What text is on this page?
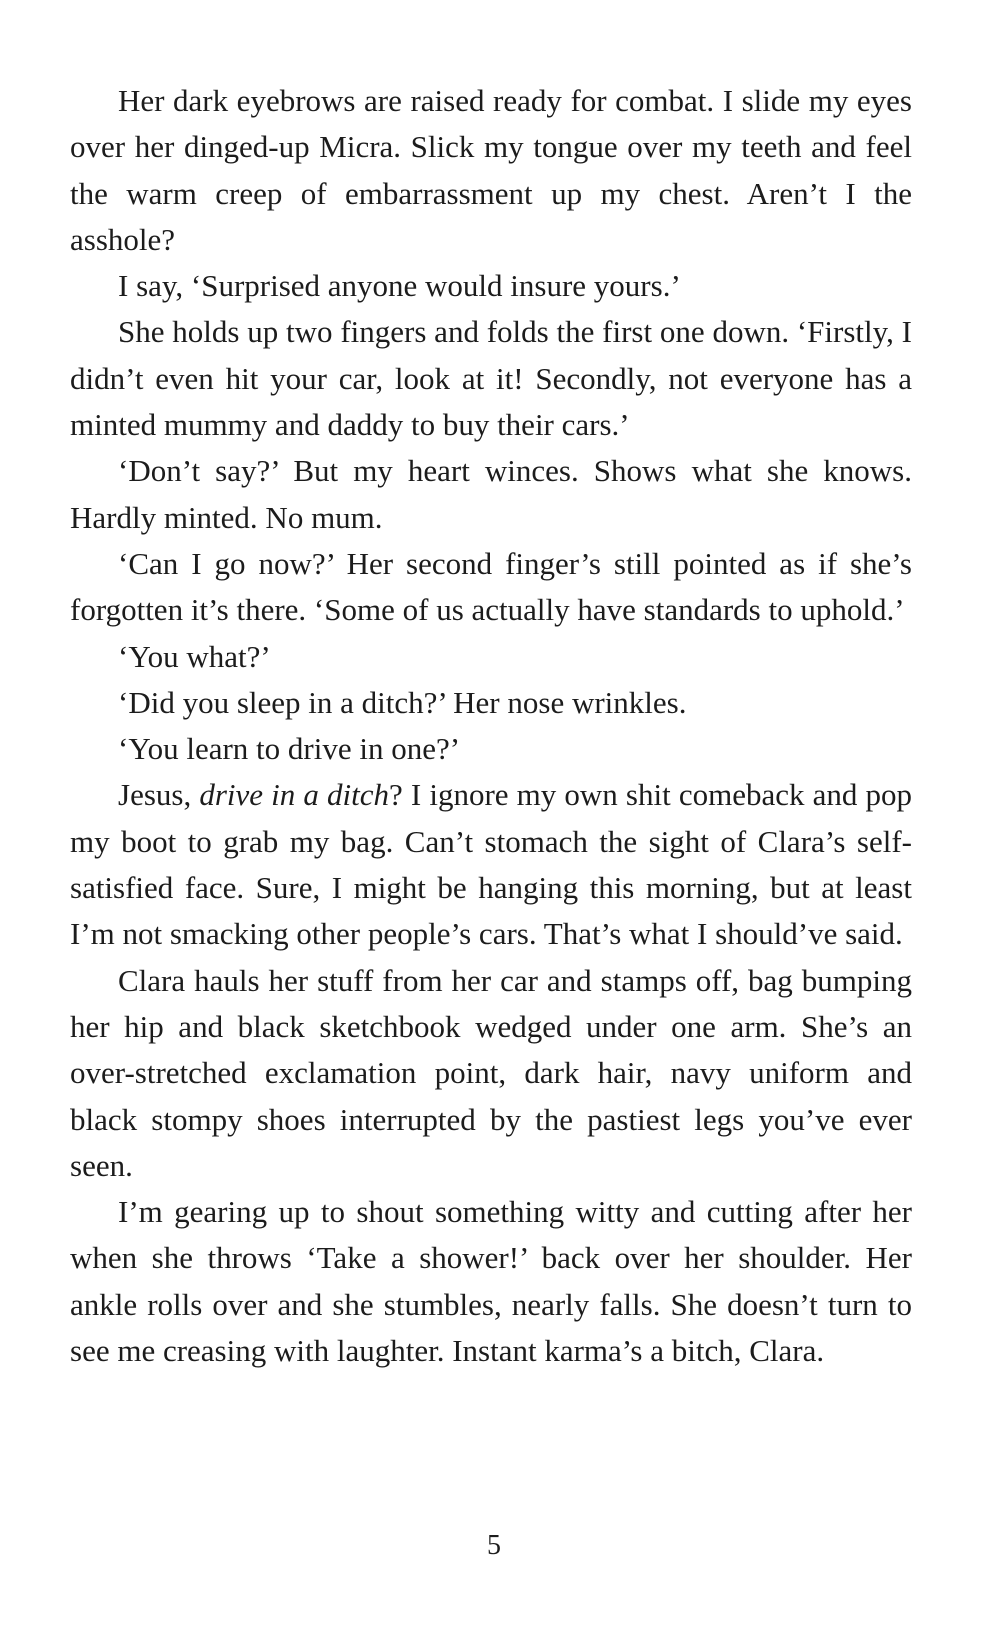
Her dark eyebrows are raised ready for combat. I slide my eyes over her dinged-up Micra. Slick my tongue over my teeth and feel the warm creep of embarrassment up my chest. Aren’t I the asshole?

I say, ‘Surprised anyone would insure yours.’

She holds up two fingers and folds the first one down. ‘Firstly, I didn’t even hit your car, look at it! Secondly, not everyone has a minted mummy and daddy to buy their cars.’

‘Don’t say?’ But my heart winces. Shows what she knows. Hardly minted. No mum.

‘Can I go now?’ Her second finger’s still pointed as if she’s forgotten it’s there. ‘Some of us actually have standards to uphold.’

‘You what?’

‘Did you sleep in a ditch?’ Her nose wrinkles.

‘You learn to drive in one?’

Jesus, drive in a ditch? I ignore my own shit comeback and pop my boot to grab my bag. Can’t stomach the sight of Clara’s self-satisfied face. Sure, I might be hanging this morning, but at least I’m not smacking other people’s cars. That’s what I should’ve said.

Clara hauls her stuff from her car and stamps off, bag bumping her hip and black sketchbook wedged under one arm. She’s an over-stretched exclamation point, dark hair, navy uniform and black stompy shoes interrupted by the pastiest legs you’ve ever seen.

I’m gearing up to shout something witty and cutting after her when she throws ‘Take a shower!’ back over her shoulder. Her ankle rolls over and she stumbles, nearly falls. She doesn’t turn to see me creasing with laughter. Instant karma’s a bitch, Clara.

5
